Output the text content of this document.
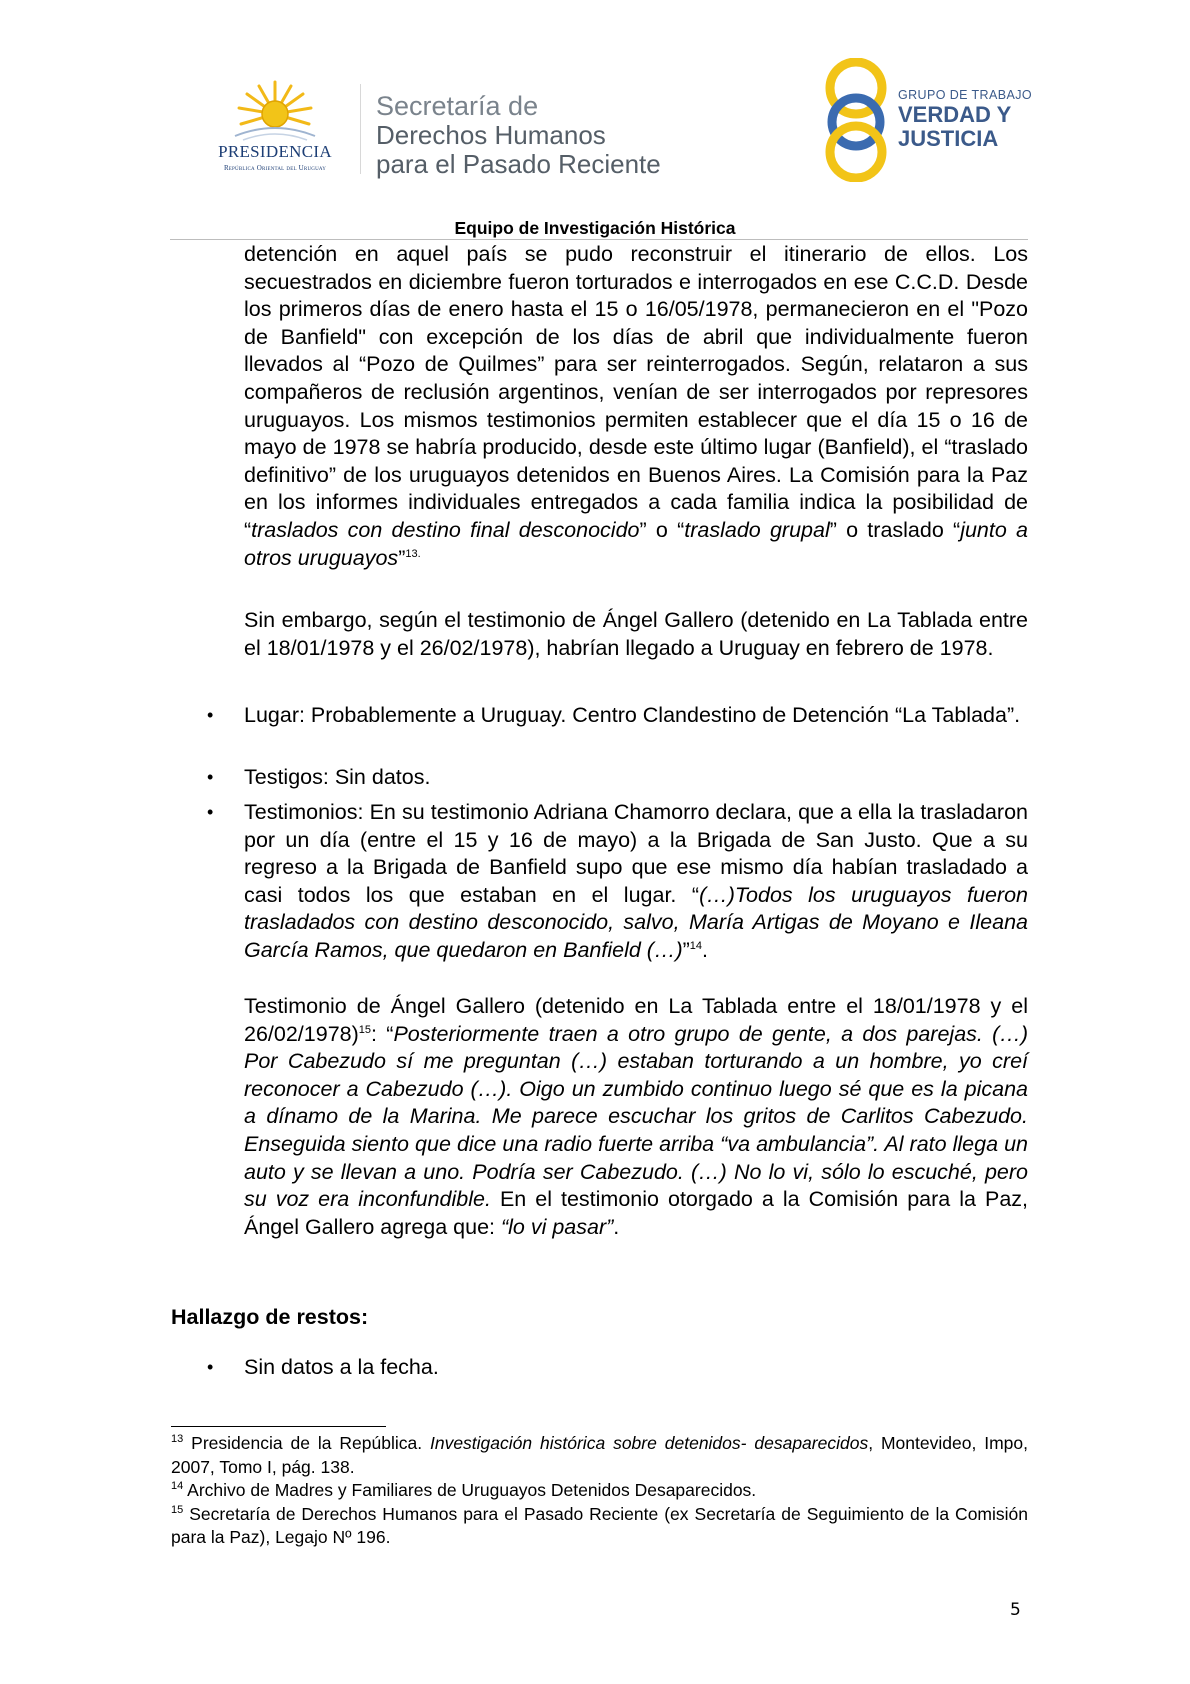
PRESIDENCIA
República Oriental del Uruguay
Secretaría de
Derechos Humanos
para el Pasado Reciente
GRUPO DE TRABAJO
VERDAD Y
JUSTICIA
Equipo de Investigación Histórica

detención en aquel país se pudo reconstruir el itinerario de ellos. Los secuestrados en diciembre fueron torturados e interrogados en ese C.C.D. Desde los primeros días de enero hasta el 15 o 16/05/1978, permanecieron en el "Pozo de Banfield" con excepción de los días de abril que individualmente fueron llevados al “Pozo de Quilmes” para ser reinterrogados. Según, relataron a sus compañeros de reclusión argentinos, venían de ser interrogados por represores uruguayos. Los mismos testimonios permiten establecer que el día 15 o 16 de mayo de 1978 se habría producido, desde este último lugar (Banfield), el “traslado definitivo” de los uruguayos detenidos en Buenos Aires. La Comisión para la Paz en los informes individuales entregados a cada familia indica la posibilidad de “traslados con destino final desconocido” o “traslado grupal” o traslado “junto a otros uruguayos”$^{13.}$

Sin embargo, según el testimonio de Ángel Gallero (detenido en La Tablada entre el 18/01/1978 y el 26/02/1978), habrían llegado a Uruguay en febrero de 1978.

• Lugar: Probablemente a Uruguay. Centro Clandestino de Detención “La Tablada”.

• Testigos: Sin datos.

• Testimonios: En su testimonio Adriana Chamorro declara, que a ella la trasladaron por un día (entre el 15 y 16 de mayo) a la Brigada de San Justo. Que a su regreso a la Brigada de Banfield supo que ese mismo día habían trasladado a casi todos los que estaban en el lugar. “(…)Todos los uruguayos fueron trasladados con destino desconocido, salvo, María Artigas de Moyano e Ileana García Ramos, que quedaron en Banfield (…)”$^{14}$.

Testimonio de Ángel Gallero (detenido en La Tablada entre el 18/01/1978 y el 26/02/1978)$^{15}$: “Posteriormente traen a otro grupo de gente, a dos parejas. (…) Por Cabezudo sí me preguntan (…) estaban torturando a un hombre, yo creí reconocer a Cabezudo (…). Oigo un zumbido continuo luego sé que es la picana a dínamo de la Marina. Me parece escuchar los gritos de Carlitos Cabezudo. Enseguida siento que dice una radio fuerte arriba “va ambulancia”. Al rato llega un auto y se llevan a uno. Podría ser Cabezudo. (…) No lo vi, sólo lo escuché, pero su voz era inconfundible. En el testimonio otorgado a la Comisión para la Paz, Ángel Gallero agrega que: “lo vi pasar”.

Hallazgo de restos:
• Sin datos a la fecha.

$^{13}$ Presidencia de la República. Investigación histórica sobre detenidos- desaparecidos, Montevideo, Impo, 2007, Tomo I, pág. 138.

$^{14}$ Archivo de Madres y Familiares de Uruguayos Detenidos Desaparecidos.

$^{15}$ Secretaría de Derechos Humanos para el Pasado Reciente (ex Secretaría de Seguimiento de la Comisión para la Paz), Legajo Nº 196.

5
